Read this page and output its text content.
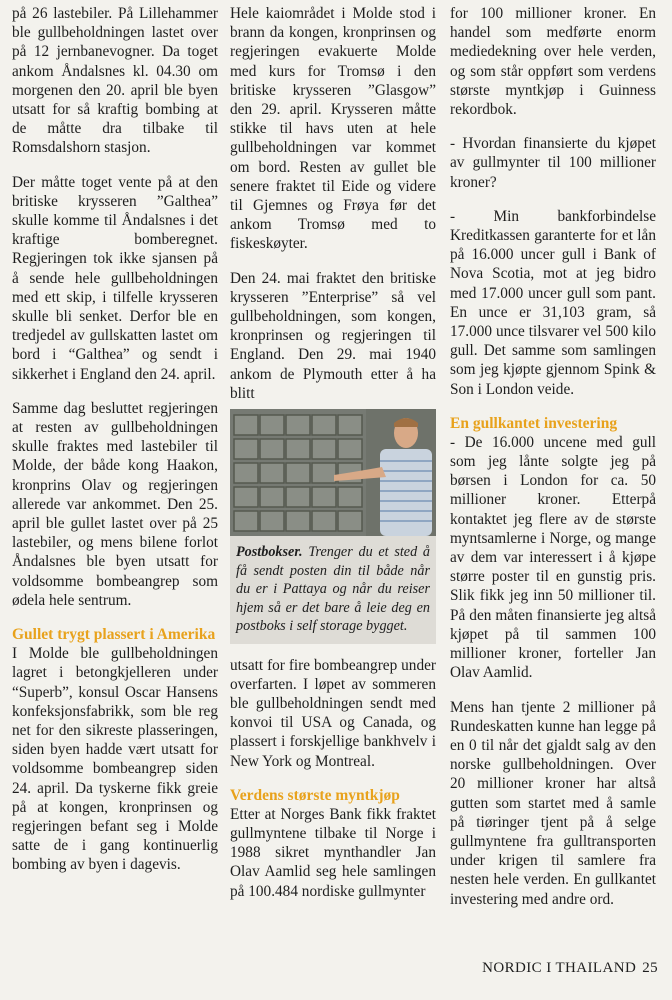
på 26 lastebiler. På Lillehammer ble gullbeholdningen lastet over på 12 jernbanevogner. Da toget ankom Åndalsnes kl. 04.30 om morgenen den 20. april ble byen utsatt for så kraftig bombing at de måtte dra tilbake til Romsdalshorn stasjon.

Der måtte toget vente på at den britiske krysseren ”Galthea” skulle komme til Åndalsnes i det kraftige bomberegnet. Regjeringen tok ikke sjansen på å sende hele gullbeholdningen med ett skip, i tilfelle krysseren skulle bli senket. Derfor ble en tredjedel av gullskatten lastet om bord i “Galthea” og sendt i sikkerhet i England den 24. april.

Samme dag besluttet regjeringen at resten av gullbeholdningen skulle fraktes med lastebiler til Molde, der både kong Haakon, kronprins Olav og regjeringen allerede var ankommet. Den 25. april ble gullet lastet over på 25 lastebiler, og mens bilene forlot Åndalsnes ble byen utsatt for voldsomme bombeangrep som ødela hele sentrum.

Gullet trygt plassert i Amerika

I Molde ble gullbeholdningen lagret i betongkjelleren under “Superb”, konsul Oscar Hansens konfeksjonsfabrikk, som ble reg net for den sikreste plasseringen, siden byen hadde vært utsatt for voldsomme bombeangrep siden 24. april. Da tyskerne fikk greie på at kongen, kronprinsen og regjeringen befant seg i Molde satte de i gang kontinuerlig bombing av byen i dagevis.

Hele kaiområdet i Molde stod i brann da kongen, kronprinsen og regjeringen evakuerte Molde med kurs for Tromsø i den britiske krysseren ”Glasgow” den 29. april. Krysseren måtte stikke til havs uten at hele gullbeholdningen var kommet om bord. Resten av gullet ble senere fraktet til Eide og videre til Gjemnes og Frøya før det ankom Tromsø med to fiskeskøyter.

Den 24. mai fraktet den britiske krysseren ”Enterprise” så vel gullbeholdningen, som kongen, kronprinsen og regjeringen til England. Den 29. mai 1940 ankom de Plymouth etter å ha blitt

Postbokser. Trenger du et sted å få sendt posten din til både når du er i Pattaya og når du reiser hjem så er det bare å leie deg en postboks i self storage bygget.

utsatt for fire bombeangrep under overfarten. I løpet av sommeren ble gullbeholdningen sendt med konvoi til USA og Canada, og plassert i forskjellige bankhvelv i New York og Montreal.

Verdens største myntkjøp

Etter at Norges Bank fikk fraktet gullmyntene tilbake til Norge i 1988 sikret mynthandler Jan Olav Aamlid seg hele samlingen på 100.484 nordiske gullmynter

for 100 millioner kroner. En handel som medførte enorm mediedekning over hele verden, og som står oppført som verdens største myntkjøp i Guinness rekordbok.

- Hvordan finansierte du kjøpet av gullmynter til 100 millioner kroner?

- Min bankforbindelse Kreditkassen garanterte for et lån på 16.000 uncer gull i Bank of Nova Scotia, mot at jeg bidro med 17.000 uncer gull som pant. En unce er 31,103 gram, så 17.000 unce tilsvarer vel 500 kilo gull. Det samme som samlingen som jeg kjøpte gjennom Spink & Son i London veide.

En gullkantet investering

- De 16.000 uncene med gull som jeg lånte solgte jeg på børsen i London for ca. 50 millioner kroner. Etterpå kontaktet jeg flere av de største myntsamlerne i Norge, og mange av dem var interessert i å kjøpe større poster til en gunstig pris. Slik fikk jeg inn 50 millioner til. På den måten finansierte jeg altså kjøpet på til sammen 100 millioner kroner, forteller Jan Olav Aamlid.

Mens han tjente 2 millioner på Rundeskatten kunne han legge på en 0 til når det gjaldt salg av den norske gullbeholdningen. Over 20 millioner kroner har altså gutten som startet med å samle på tiøringer tjent på å selge gullmyntene fra gulltransporten under krigen til samlere fra nesten hele verden. En gullkantet investering med andre ord.

NORDIC I THAILAND 25
